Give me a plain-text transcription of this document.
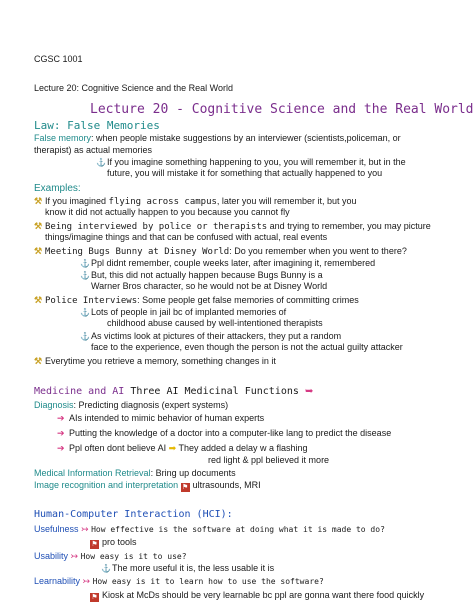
CGSC 1001
Lecture 20: Cognitive Science and the Real World
Lecture 20 - Cognitive Science and the Real World
Law: False Memories
False memory: when people mistake suggestions by an interviewer (scientists,policeman, or
therapist) as actual memories
⚓If you imagine something happening to you, you will remember it, but in the
future, you will mistake it for something that actually happened to you
Examples:
⚒ If you imagined flying across campus, later you will remember it, but you
know it did not actually happen to you because you cannot fly
⚒ Being interviewed by police or therapists and trying to remember, you may picture
things/imagine things and that can be confused with actual, real events
⚒ Meeting Bugs Bunny at Disney World: Do you remember when you went to there?
⚓Ppl didnt remember, couple weeks later, after imagining it, remembered
⚓But, this did not actually happen because Bugs Bunny is a
Warner Bros character, so he would not be at Disney World
⚒ Police Interviews: Some people get false memories of committing crimes
⚓Lots of people in jail bc of implanted memories of
childhood abuse caused by well-intentioned therapists
⚓As victims look at pictures of their attackers, they put a random
face to the experience, even though the person is not the actual guilty attacker
⚒ Everytime you retrieve a memory, something changes in it
Medicine and AI Three AI Medicinal Functions ➥
Diagnosis: Predicting diagnosis (expert systems)
➔ AIs intended to mimic behavior of human experts
➔ Putting the knowledge of a doctor into a computer-like lang to predict the disease
➔ Ppl often dont believe AI ➡ They added a delay w a flashing
red light & ppl believed it more
Medical Information Retrieval: Bring up documents
Image recognition and interpretation ⚑ ultrasounds, MRI
Human-Computer Interaction (HCI):
Usefulness ↣ How effective is the software at doing what it is made to do?
⚑ pro tools
Usability ↣ How easy is it to use?
⚓The more useful it is, the less usable it is
Learnability ↣ How easy is it to learn how to use the software?
⚑ Kiosk at McDs should be very learnable bc ppl are gonna want there food quickly
